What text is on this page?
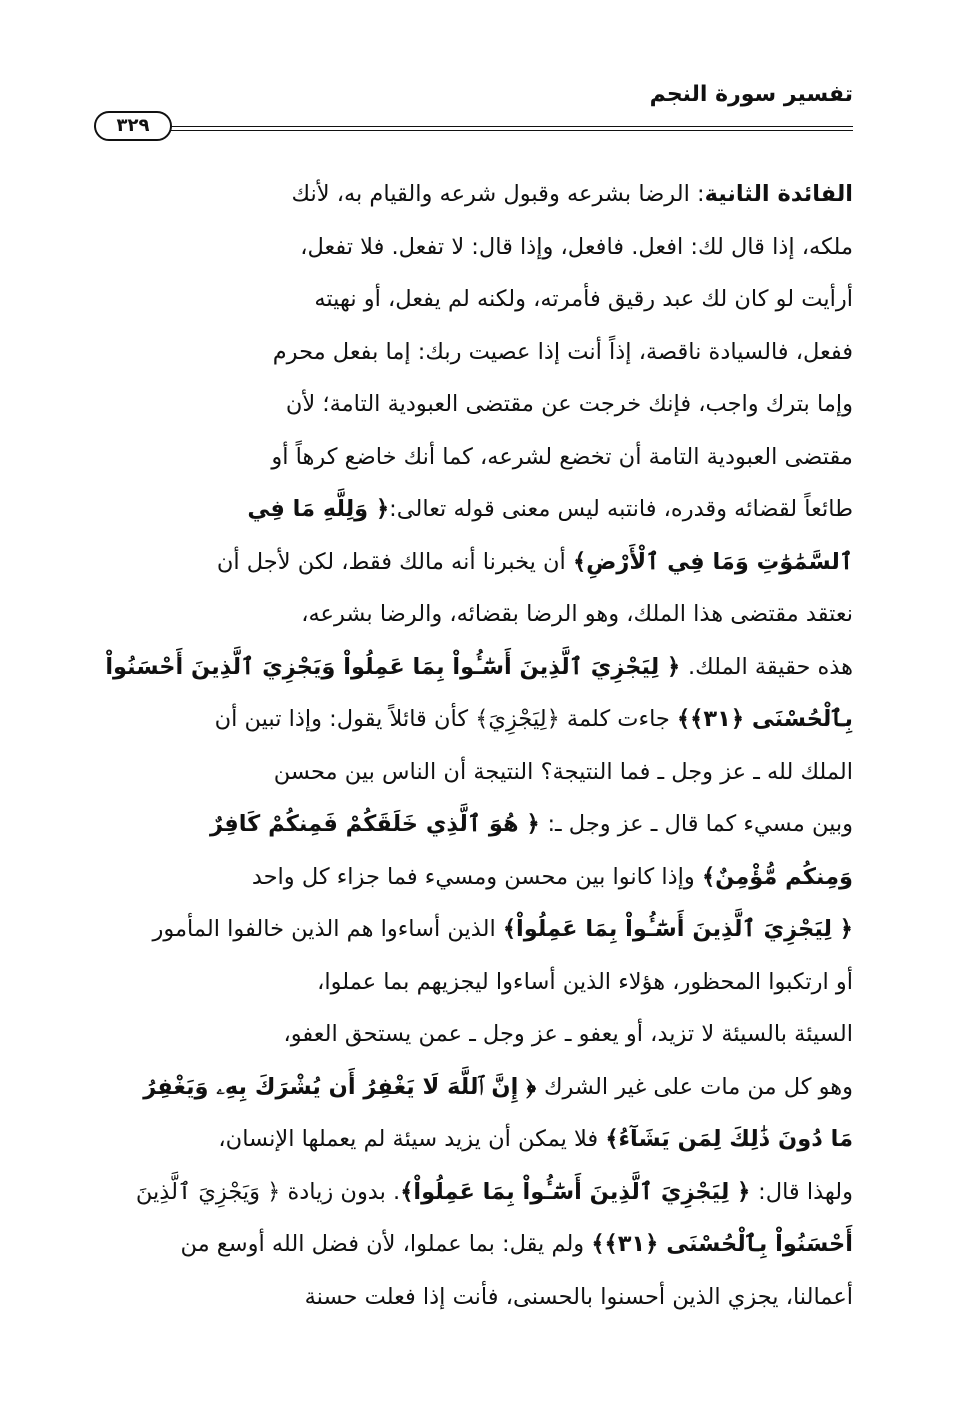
تفسير سورة النجم
٣٢٩
الفائدة الثانية: الرضا بشرعه وقبول شرعه والقيام به، لأنك
ملكه، إذا قال لك: افعل. فافعل، وإذا قال: لا تفعل. فلا تفعل،
أرأيت لو كان لك عبد رقيق فأمرته، ولكنه لم يفعل، أو نهيته
ففعل، فالسيادة ناقصة، إذاً أنت إذا عصيت ربك: إما بفعل محرم
وإما بترك واجب، فإنك خرجت عن مقتضى العبودية التامة؛ لأن
مقتضى العبودية التامة أن تخضع لشرعه، كما أنك خاضع كرهاً أو
طائعاً لقضائه وقدره، فانتبه ليس معنى قوله تعالى:﴿ وَلِلَّهِ مَا فِي
ٱلسَّمَٰوَٰتِ وَمَا فِي ٱلْأَرْضِ﴾ أن يخبرنا أنه مالك فقط، لكن لأجل أن
نعتقد مقتضى هذا الملك، وهو الرضا بقضائه، والرضا بشرعه،
هذه حقيقة الملك. ﴿ لِيَجْزِيَ ٱلَّذِينَ أَسَٰٓـُٔواْ بِمَا عَمِلُواْ وَيَجْزِيَ ٱلَّذِينَ أَحْسَنُواْ
بِٱلْحُسْنَى ﴿٣١﴾﴾ جاءت كلمة ﴿لِيَجْزِيَ﴾ كأن قائلاً يقول: وإذا تبين أن
الملك لله ـ عز وجل ـ فما النتيجة؟ النتيجة أن الناس بين محسن
وبين مسيء كما قال ـ عز وجل ـ: ﴿ هُوَ ٱلَّذِي خَلَقَكُمْ فَمِنكُمْ كَافِرٌ
وَمِنكُم مُّؤْمِنٌ﴾ وإذا كانوا بين محسن ومسيء فما جزاء كل واحد
﴿ لِيَجْزِيَ ٱلَّذِينَ أَسَٰٓـُٔواْ بِمَا عَمِلُواْ﴾ الذين أساءوا هم الذين خالفوا المأمور
أو ارتكبوا المحظور، هؤلاء الذين أساءوا ليجزيهم بما عملوا،
السيئة بالسيئة لا تزيد، أو يعفو ـ عز وجل ـ عمن يستحق العفو،
وهو كل من مات على غير الشرك ﴿ إِنَّ ٱللَّهَ لَا يَغْفِرُ أَن يُشْرَكَ بِهِۦ وَيَغْفِرُ
مَا دُونَ ذَٰلِكَ لِمَن يَشَآءُ﴾ فلا يمكن أن يزيد سيئة لم يعملها الإنسان،
ولهذا قال: ﴿ لِيَجْزِيَ ٱلَّذِينَ أَسَٰٓـُٔواْ بِمَا عَمِلُواْ﴾. بدون زيادة ﴿ وَيَجْزِيَ ٱلَّذِينَ
أَحْسَنُواْ بِٱلْحُسْنَى ﴿٣١﴾﴾ ولم يقل: بما عملوا، لأن فضل الله أوسع من
أعمالنا، يجزي الذين أحسنوا بالحسنى، فأنت إذا فعلت حسنة
